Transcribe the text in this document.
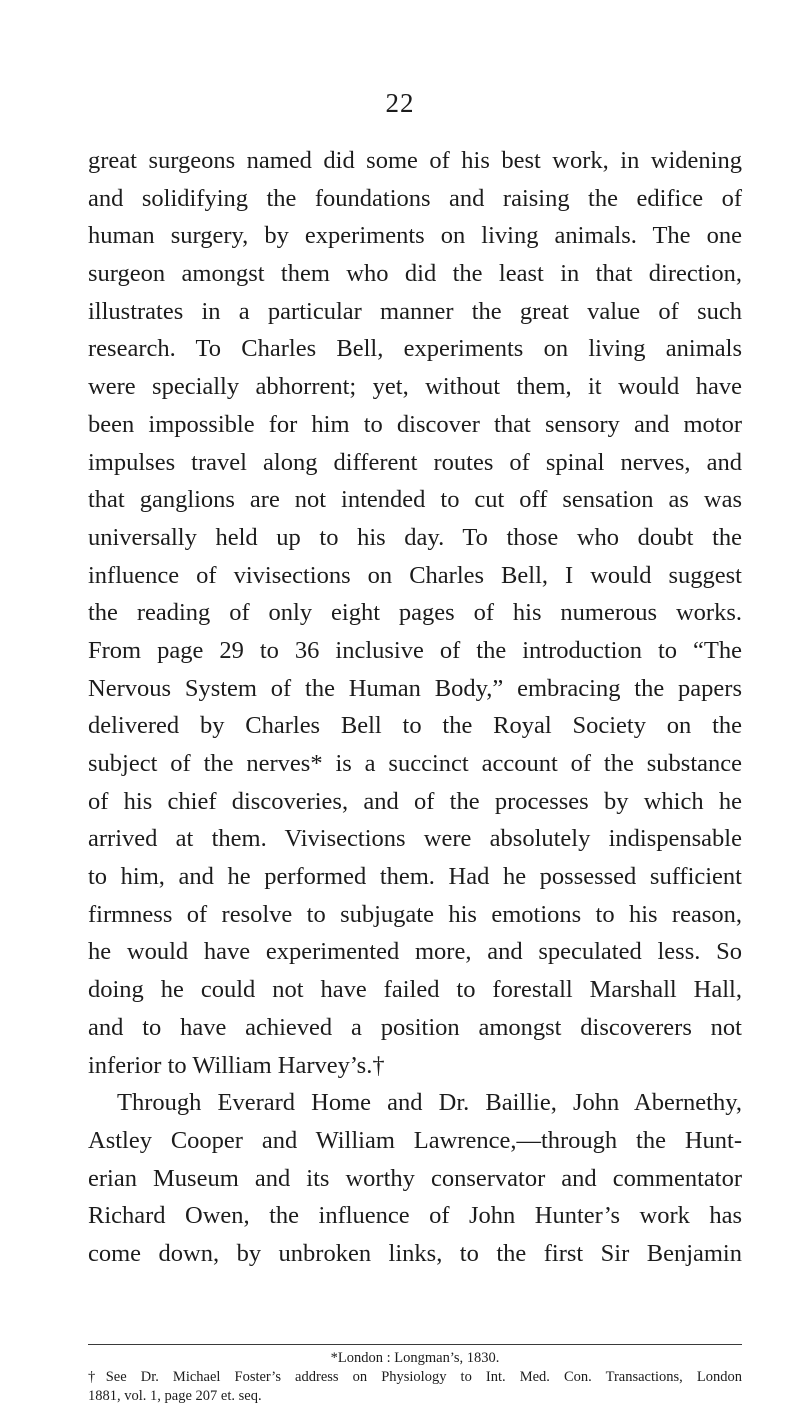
22
great surgeons named did some of his best work, in widening
and solidifying the foundations and raising the edifice of
human surgery, by experiments on living animals. The one
surgeon amongst them who did the least in that direction,
illustrates in a particular manner the great value of such
research. To Charles Bell, experiments on living animals
were specially abhorrent; yet, without them, it would have
been impossible for him to discover that sensory and motor
impulses travel along different routes of spinal nerves, and
that ganglions are not intended to cut off sensation as was
universally held up to his day. To those who doubt the
influence of vivisections on Charles Bell, I would suggest
the reading of only eight pages of his numerous works.
From page 29 to 36 inclusive of the introduction to “The
Nervous System of the Human Body,” embracing the papers
delivered by Charles Bell to the Royal Society on the
subject of the nerves* is a succinct account of the substance
of his chief discoveries, and of the processes by which he
arrived at them. Vivisections were absolutely indispensable
to him, and he performed them. Had he possessed sufficient
firmness of resolve to subjugate his emotions to his reason,
he would have experimented more, and speculated less. So
doing he could not have failed to forestall Marshall Hall,
and to have achieved a position amongst discoverers not
inferior to William Harvey’s.†
Through Everard Home and Dr. Baillie, John Abernethy,
Astley Cooper and William Lawrence,—through the Hunt-
erian Museum and its worthy conservator and commentator
Richard Owen, the influence of John Hunter’s work has
come down, by unbroken links, to the first Sir Benjamin
*London : Longman’s, 1830.
†See Dr. Michael Foster’s address on Physiology to Int. Med. Con. Transactions, London
1881, vol. 1, page 207 et. seq.
